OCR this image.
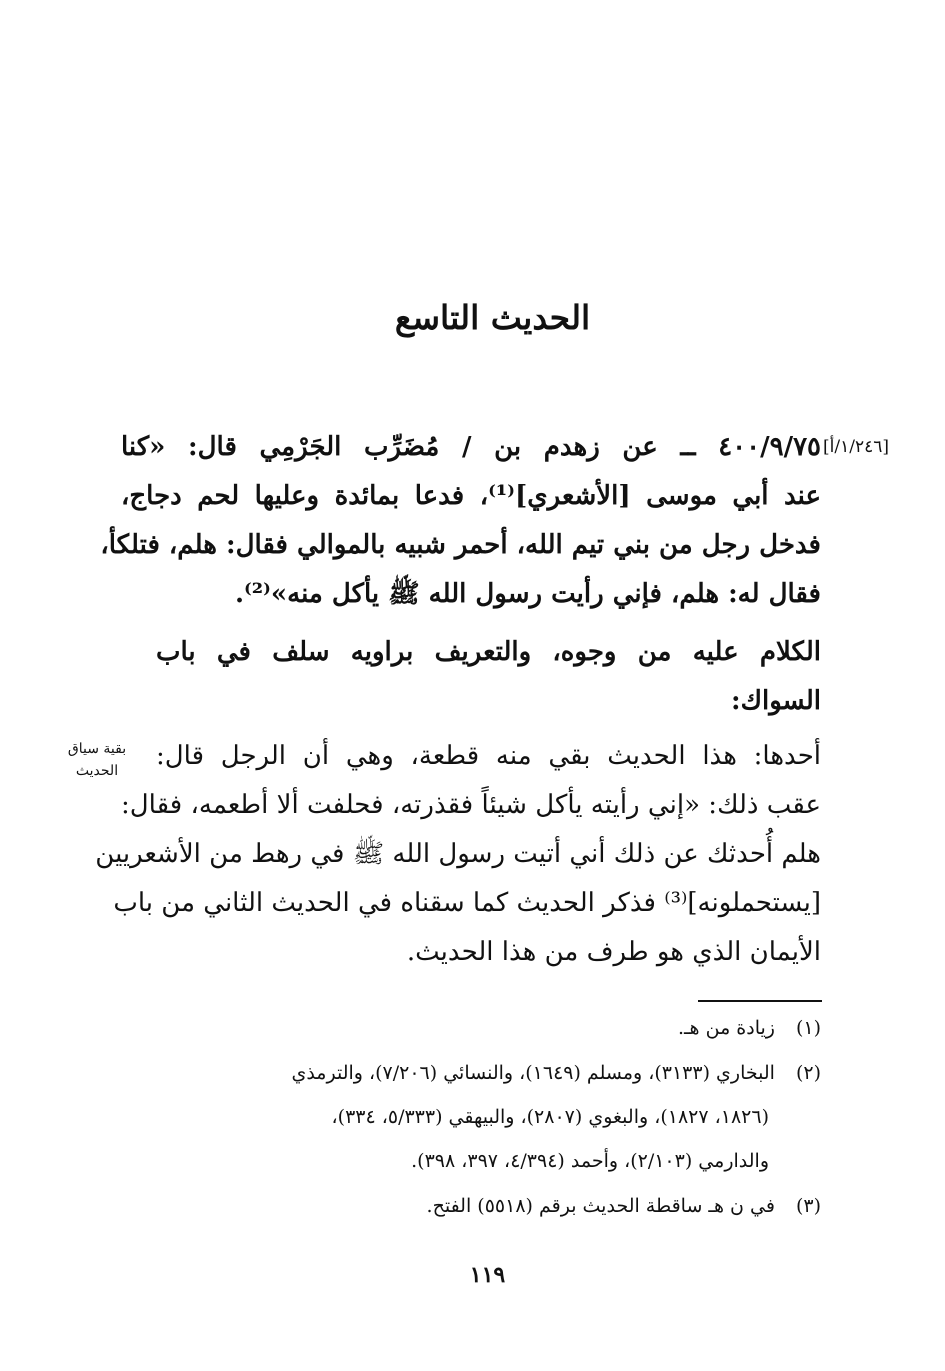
الحديث التاسع
[١/٢٤٦/أ]
بقية سياق
الحديث
٤٠٠/٩/٧٥ ــ عن زهدم بن / مُضَرِّب الجَرْمِي قال: «كنا
عند أبي موسى [الأشعري]⁽¹⁾، فدعا بمائدة وعليها لحم دجاج،
فدخل رجل من بني تيم الله، أحمر شبيه بالموالي فقال: هلم، فتلكأ،
فقال له: هلم، فإني رأيت رسول الله ﷺ يأكل منه»⁽²⁾.
الكلام عليه من وجوه، والتعريف براويه سلف في باب
السواك:
أحدها: هذا الحديث بقي منه قطعة، وهي أن الرجل قال:
عقب ذلك: «إني رأيته يأكل شيئاً فقذرته، فحلفت ألا أطعمه، فقال:
هلم أُحدثك عن ذلك أني أتيت رسول الله ﷺ في رهط من الأشعريين
[يستحملونه]⁽³⁾ فذكر الحديث كما سقناه في الحديث الثاني من باب
الأيمان الذي هو طرف من هذا الحديث.
(١) زيادة من هـ.
(٢) البخاري (٣١٣٣)، ومسلم (١٦٤٩)، والنسائي (٧/٢٠٦)، والترمذي
(١٨٢٦، ١٨٢٧)، والبغوي (٢٨٠٧)، والبيهقي (٥/٣٣٣، ٣٣٤)،
والدارمي (٢/١٠٣)، وأحمد (٤/٣٩٤، ٣٩٧، ٣٩٨).
(٣) في ن هـ ساقطة الحديث برقم (٥٥١٨) الفتح.
١١٩
